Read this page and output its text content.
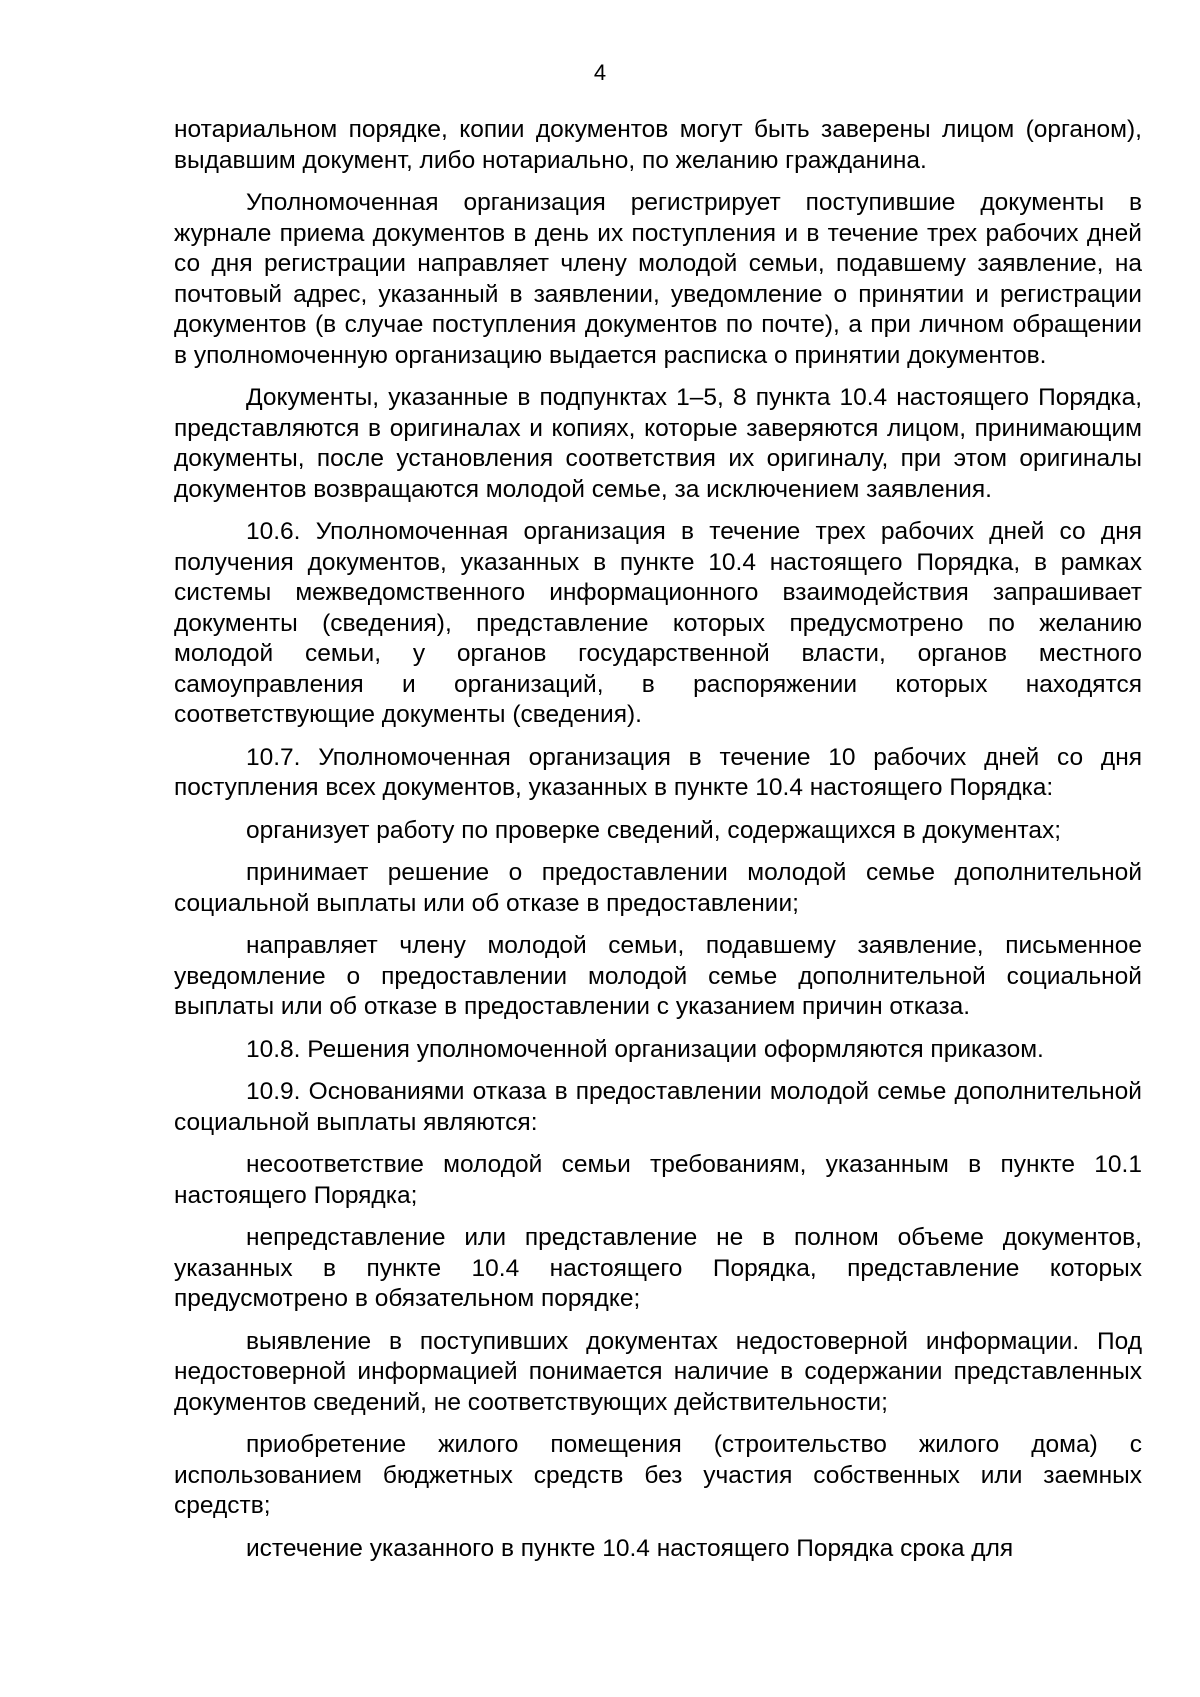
4

нотариальном порядке, копии документов могут быть заверены лицом (органом), выдавшим документ, либо нотариально, по желанию гражданина.

Уполномоченная организация регистрирует поступившие документы в журнале приема документов в день их поступления и в течение трех рабочих дней со дня регистрации направляет члену молодой семьи, подавшему заявление, на почтовый адрес, указанный в заявлении, уведомление о принятии и регистрации документов (в случае поступления документов по почте), а при личном обращении в уполномоченную организацию выдается расписка о принятии документов.

Документы, указанные в подпунктах 1–5, 8 пункта 10.4 настоящего Порядка, представляются в оригиналах и копиях, которые заверяются лицом, принимающим документы, после установления соответствия их оригиналу, при этом оригиналы документов возвращаются молодой семье, за исключением заявления.

10.6. Уполномоченная организация в течение трех рабочих дней со дня получения документов, указанных в пункте 10.4 настоящего Порядка, в рамках системы межведомственного информационного взаимодействия запрашивает документы (сведения), представление которых предусмотрено по желанию молодой семьи, у органов государственной власти, органов местного самоуправления и организаций, в распоряжении которых находятся соответствующие документы (сведения).

10.7. Уполномоченная организация в течение 10 рабочих дней со дня поступления всех документов, указанных в пункте 10.4 настоящего Порядка:

организует работу по проверке сведений, содержащихся в документах;

принимает решение о предоставлении молодой семье дополнительной социальной выплаты или об отказе в предоставлении;

направляет члену молодой семьи, подавшему заявление, письменное уведомление о предоставлении молодой семье дополнительной социальной выплаты или об отказе в предоставлении с указанием причин отказа.

10.8. Решения уполномоченной организации оформляются приказом.

10.9. Основаниями отказа в предоставлении молодой семье дополнительной социальной выплаты являются:

несоответствие молодой семьи требованиям, указанным в пункте 10.1 настоящего Порядка;

непредставление или представление не в полном объеме документов, указанных в пункте 10.4 настоящего Порядка, представление которых предусмотрено в обязательном порядке;

выявление в поступивших документах недостоверной информации. Под недостоверной информацией понимается наличие в содержании представленных документов сведений, не соответствующих действительности;

приобретение жилого помещения (строительство жилого дома) с использованием бюджетных средств без участия собственных или заемных средств;

истечение указанного в пункте 10.4 настоящего Порядка срока для
